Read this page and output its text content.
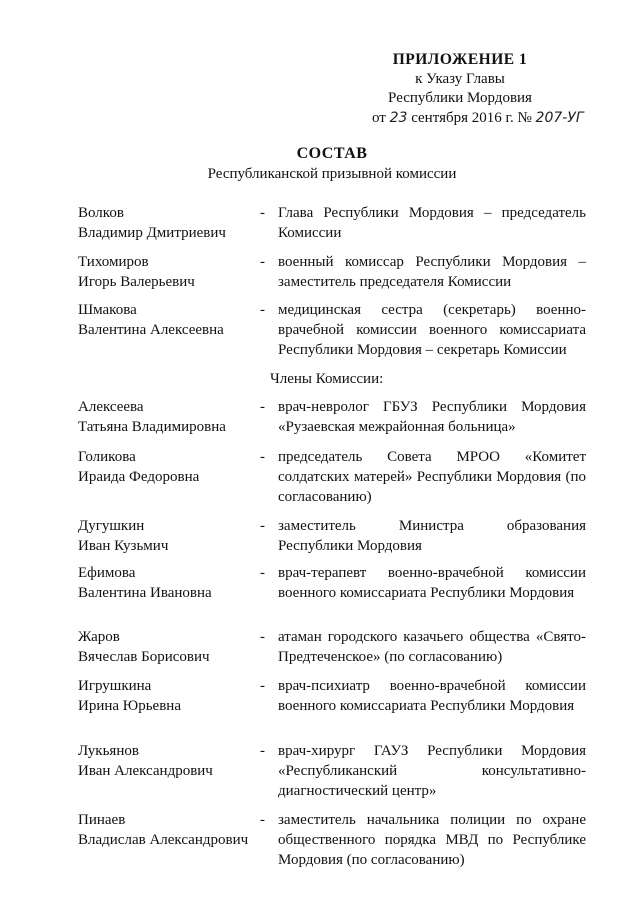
ПРИЛОЖЕНИЕ 1
к Указу Главы
Республики Мордовия
от 23 сентября 2016 г. № 207-УГ
СОСТАВ
Республиканской призывной комиссии
Волков
Владимир Дмитриевич
- Глава Республики Мордовия – председатель Комиссии
Тихомиров
Игорь Валерьевич
- военный комиссар Республики Мордовия – заместитель председателя Комиссии
Шмакова
Валентина Алексеевна
- медицинская сестра (секретарь) военно-врачебной комиссии военного комиссариата Республики Мордовия – секретарь Комиссии
Члены Комиссии:
Алексеева
Татьяна Владимировна
- врач-невролог ГБУЗ Республики Мордовия «Рузаевская межрайонная больница»
Голикова
Ираида Федоровна
- председатель Совета МРОО «Комитет солдатских матерей» Республики Мордовия (по согласованию)
Дугушкин
Иван Кузьмич
- заместитель Министра образования Республики Мордовия
Ефимова
Валентина Ивановна
- врач-терапевт военно-врачебной комиссии военного комиссариата Республики Мордовия
Жаров
Вячеслав Борисович
- атаман городского казачьего общества «Свято-Предтеченское» (по согласованию)
Игрушкина
Ирина Юрьевна
- врач-психиатр военно-врачебной комиссии военного комиссариата Республики Мордовия
Лукьянов
Иван Александрович
- врач-хирург ГАУЗ Республики Мордовия «Республиканский консультативно-диагностический центр»
Пинаев
Владислав Александрович
- заместитель начальника полиции по охране общественного порядка МВД по Республике Мордовия (по согласованию)
